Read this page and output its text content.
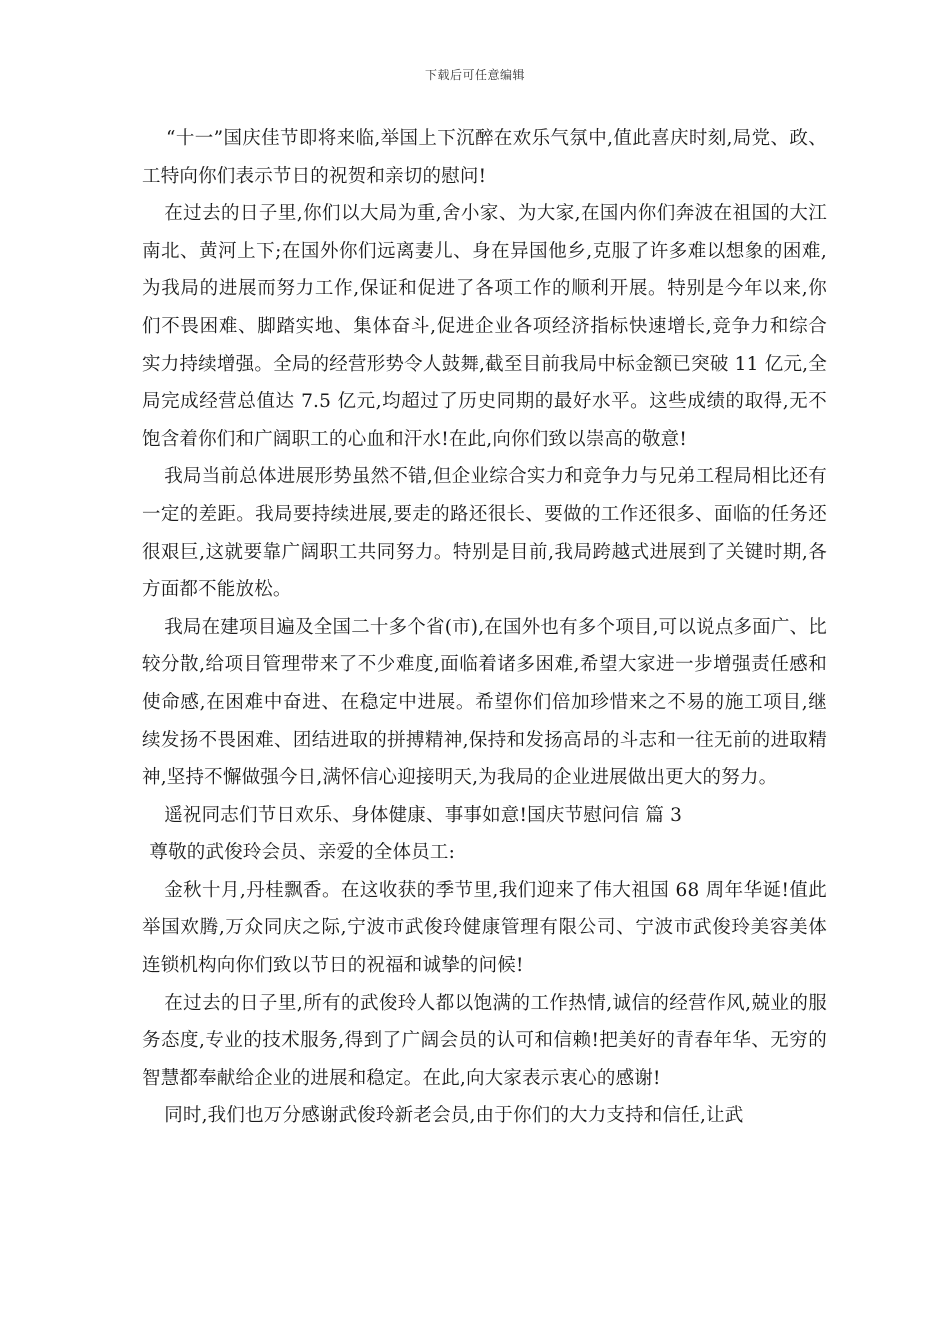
下载后可任意编辑

“十一”国庆佳节即将来临,举国上下沉醉在欢乐气氛中,值此喜庆时刻,局党、政、工特向你们表示节日的祝贺和亲切的慰问!

在过去的日子里,你们以大局为重,舍小家、为大家,在国内你们奔波在祖国的大江南北、黄河上下;在国外你们远离妻儿、身在异国他乡,克服了许多难以想象的困难,为我局的进展而努力工作,保证和促进了各项工作的顺利开展。特别是今年以来,你们不畏困难、脚踏实地、集体奋斗,促进企业各项经济指标快速增长,竞争力和综合实力持续增强。全局的经营形势令人鼓舞,截至目前我局中标金额已突破 11 亿元,全局完成经营总值达 7.5 亿元,均超过了历史同期的最好水平。这些成绩的取得,无不饱含着你们和广阔职工的心血和汗水!在此,向你们致以崇高的敬意!

我局当前总体进展形势虽然不错,但企业综合实力和竞争力与兄弟工程局相比还有一定的差距。我局要持续进展,要走的路还很长、要做的工作还很多、面临的任务还很艰巨,这就要靠广阔职工共同努力。特别是目前,我局跨越式进展到了关键时期,各方面都不能放松。

我局在建项目遍及全国二十多个省(市),在国外也有多个项目,可以说点多面广、比较分散,给项目管理带来了不少难度,面临着诸多困难,希望大家进一步增强责任感和使命感,在困难中奋进、在稳定中进展。希望你们倍加珍惜来之不易的施工项目,继续发扬不畏困难、团结进取的拼搏精神,保持和发扬高昂的斗志和一往无前的进取精神,坚持不懈做强今日,满怀信心迎接明天,为我局的企业进展做出更大的努力。

遥祝同志们节日欢乐、身体健康、事事如意!国庆节慰问信 篇 3

尊敬的武俊玲会员、亲爱的全体员工:

金秋十月,丹桂飘香。在这收获的季节里,我们迎来了伟大祖国 68 周年华诞!值此举国欢腾,万众同庆之际,宁波市武俊玲健康管理有限公司、宁波市武俊玲美容美体连锁机构向你们致以节日的祝福和诚挚的问候!

在过去的日子里,所有的武俊玲人都以饱满的工作热情,诚信的经营作风,兢业的服务态度,专业的技术服务,得到了广阔会员的认可和信赖!把美好的青春年华、无穷的智慧都奉献给企业的进展和稳定。在此,向大家表示衷心的感谢!

同时,我们也万分感谢武俊玲新老会员,由于你们的大力支持和信任,让武
